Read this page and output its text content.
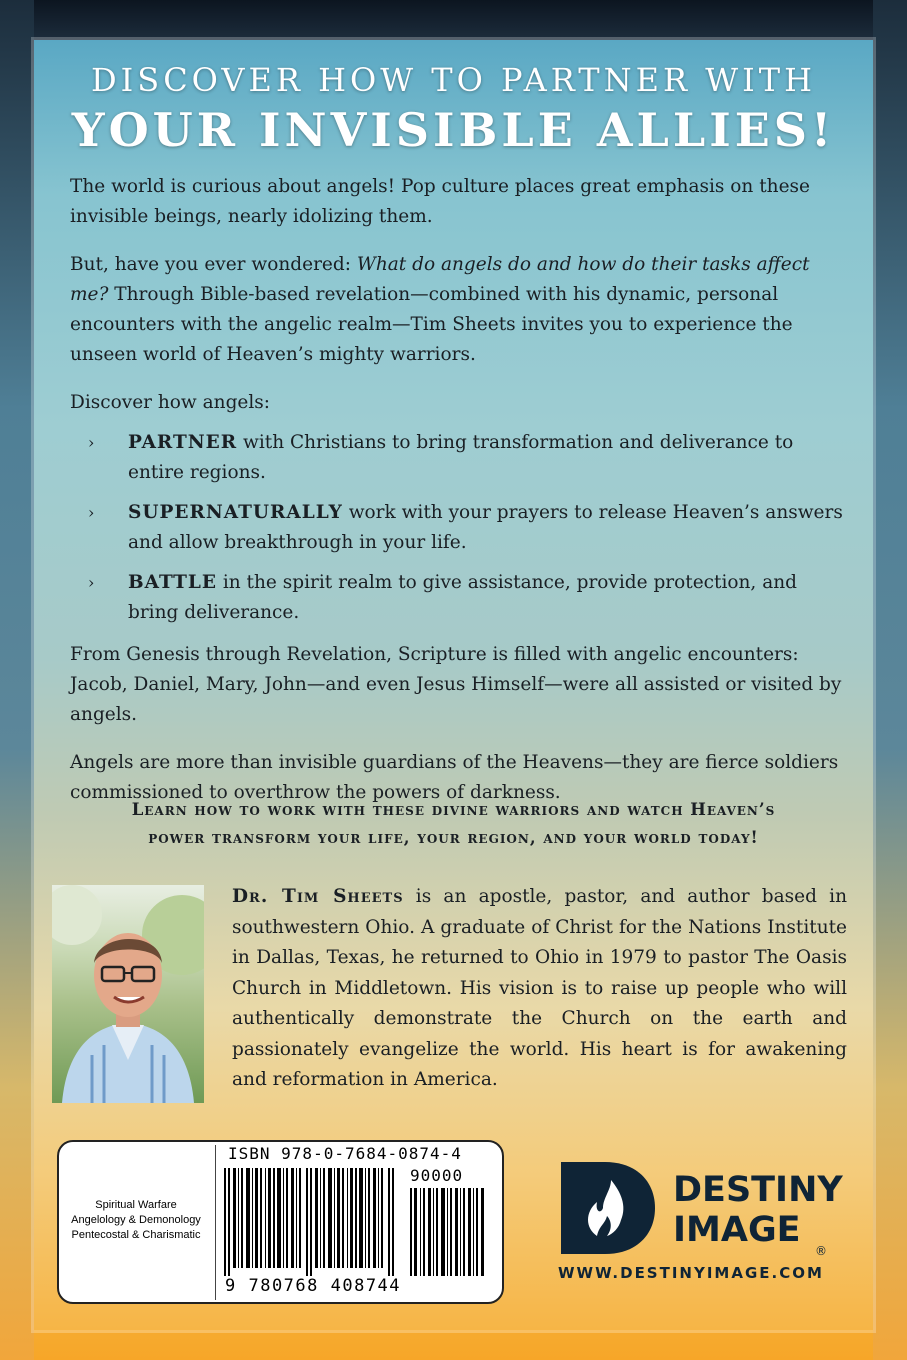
DISCOVER HOW TO PARTNER WITH
YOUR INVISIBLE ALLIES!

The world is curious about angels! Pop culture places great emphasis on these invisible beings, nearly idolizing them.

But, have you ever wondered: What do angels do and how do their tasks affect me? Through Bible-based revelation—combined with his dynamic, personal encounters with the angelic realm—Tim Sheets invites you to experience the unseen world of Heaven’s mighty warriors.

Discover how angels:

› PARTNER with Christians to bring transformation and deliverance to entire regions.
› SUPERNATURALLY work with your prayers to release Heaven’s answers and allow breakthrough in your life.
› BATTLE in the spirit realm to give assistance, provide protection, and bring deliverance.

From Genesis through Revelation, Scripture is filled with angelic encounters: Jacob, Daniel, Mary, John—and even Jesus Himself—were all assisted or visited by angels.

Angels are more than invisible guardians of the Heavens—they are fierce soldiers commissioned to overthrow the powers of darkness.

Learn how to work with these divine warriors and watch Heaven’s
power transform your life, your region, and your world today!
Dr. Tim Sheets is an apostle, pastor, and author based in southwestern Ohio. A graduate of Christ for the Nations Institute in Dallas, Texas, he returned to Ohio in 1979 to pastor The Oasis Church in Middletown. His vision is to raise up people who will authentically demonstrate the Church on the earth and passionately evangelize the world. His heart is for awakening and reformation in America.
Spiritual Warfare
Angelology & Demonology
Pentecostal & Charismatic
ISBN 978-0-7684-0874-4
90000
9 780768 408744
DESTINY
IMAGE
®
WWW.DESTINYIMAGE.COM
